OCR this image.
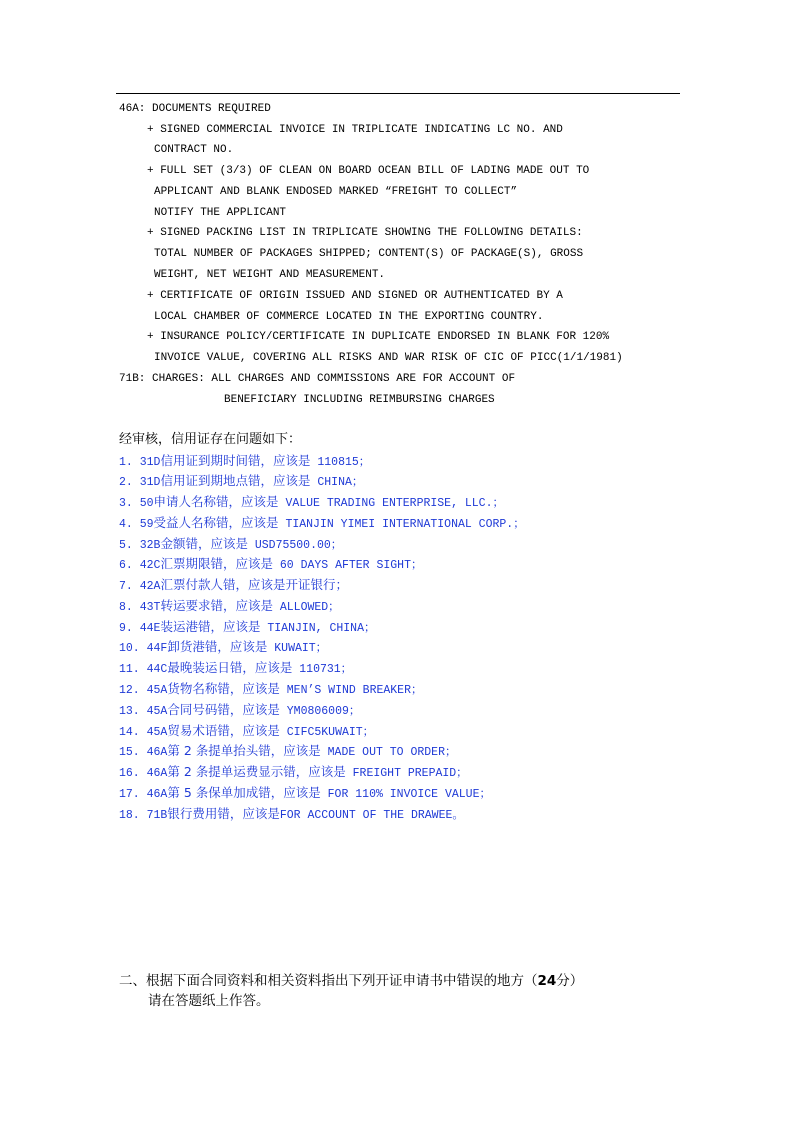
46A: DOCUMENTS REQUIRED
+ SIGNED COMMERCIAL INVOICE IN TRIPLICATE INDICATING LC NO. AND
CONTRACT NO.
+ FULL SET (3/3) OF CLEAN ON BOARD OCEAN BILL OF LADING MADE OUT TO
APPLICANT AND BLANK ENDOSED MARKED “FREIGHT TO COLLECT”
NOTIFY THE APPLICANT
+ SIGNED PACKING LIST IN TRIPLICATE SHOWING THE FOLLOWING DETAILS:
TOTAL NUMBER OF PACKAGES SHIPPED; CONTENT(S) OF PACKAGE(S), GROSS
WEIGHT, NET WEIGHT AND MEASUREMENT.
+ CERTIFICATE OF ORIGIN ISSUED AND SIGNED OR AUTHENTICATED BY A
LOCAL CHAMBER OF COMMERCE LOCATED IN THE EXPORTING COUNTRY.
+ INSURANCE POLICY/CERTIFICATE IN DUPLICATE ENDORSED IN BLANK FOR 120%
INVOICE VALUE, COVERING ALL RISKS AND WAR RISK OF CIC OF PICC(1/1/1981)
71B: CHARGES: ALL CHARGES AND COMMISSIONS ARE FOR ACCOUNT OF
BENEFICIARY INCLUDING REIMBURSING CHARGES
经审核，信用证存在问题如下：
1. 31D信用证到期时间错，应该是 110815；
2. 31D信用证到期地点错，应该是 CHINA；
3. 50申请人名称错，应该是 VALUE TRADING ENTERPRISE, LLC.；
4. 59受益人名称错，应该是 TIANJIN YIMEI INTERNATIONAL CORP.；
5. 32B金额错，应该是 USD75500.00；
6. 42C汇票期限错，应该是 60 DAYS AFTER SIGHT；
7. 42A汇票付款人错，应该是开证银行；
8. 43T转运要求错，应该是 ALLOWED；
9. 44E装运港错，应该是 TIANJIN, CHINA；
10. 44F卸货港错，应该是 KUWAIT；
11. 44C最晚装运日错，应该是 110731；
12. 45A货物名称错，应该是 MEN’S WIND BREAKER；
13. 45A合同号码错，应该是 YM0806009；
14. 45A贸易术语错，应该是 CIFC5KUWAIT；
15. 46A第 2 条提单抬头错，应该是 MADE OUT TO ORDER；
16. 46A第 2 条提单运费显示错，应该是 FREIGHT PREPAID；
17. 46A第 5 条保单加成错，应该是 FOR 110% INVOICE VALUE；
18. 71B银行费用错，应该是FOR ACCOUNT OF THE DRAWEE。
二、根据下面合同资料和相关资料指出下列开证申请书中错误的地方（24分）
请在答题纸上作答。
